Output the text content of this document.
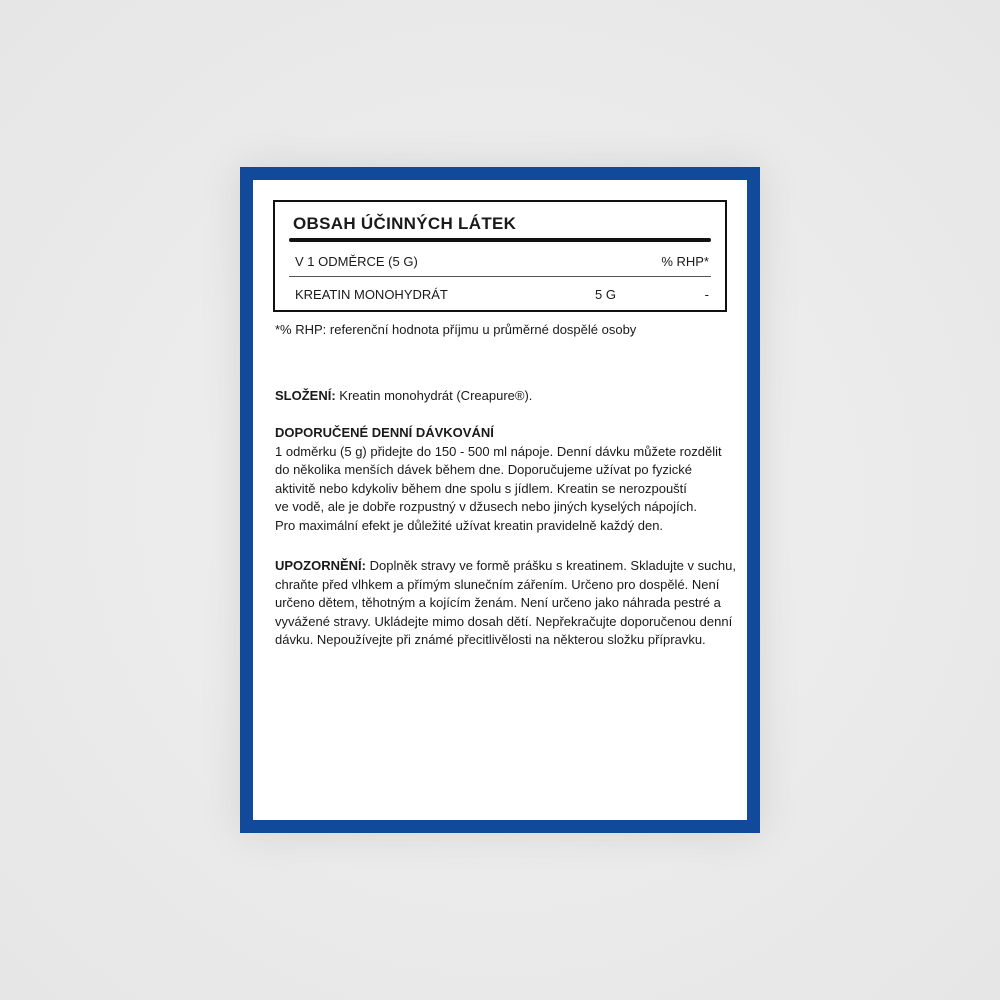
OBSAH ÚČINNÝCH LÁTEK
V 1 ODMĚRCE (5 G)	% RHP*
KREATIN MONOHYDRÁT	5 G	-
*% RHP: referenční hodnota příjmu u průměrné dospělé osoby
SLOŽENÍ: Kreatin monohydrát (Creapure®).
DOPORUČENÉ DENNÍ DÁVKOVÁNÍ
1 odměrku (5 g) přidejte do 150 - 500 ml nápoje. Denní dávku můžete rozdělit
do několika menších dávek během dne. Doporučujeme užívat po fyzické
aktivitě nebo kdykoliv během dne spolu s jídlem. Kreatin se nerozpouští
ve vodě, ale je dobře rozpustný v džusech nebo jiných kyselých nápojích.
Pro maximální efekt je důležité užívat kreatin pravidelně každý den.
UPOZORNĚNÍ: Doplněk stravy ve formě prášku s kreatinem. Skladujte v suchu,
chraňte před vlhkem a přímým slunečním zářením. Určeno pro dospělé. Není
určeno dětem, těhotným a kojícím ženám. Není určeno jako náhrada pestré a
vyvážené stravy. Ukládejte mimo dosah dětí. Nepřekračujte doporučenou denní
dávku. Nepoužívejte při známé přecitlivělosti na některou složku přípravku.
